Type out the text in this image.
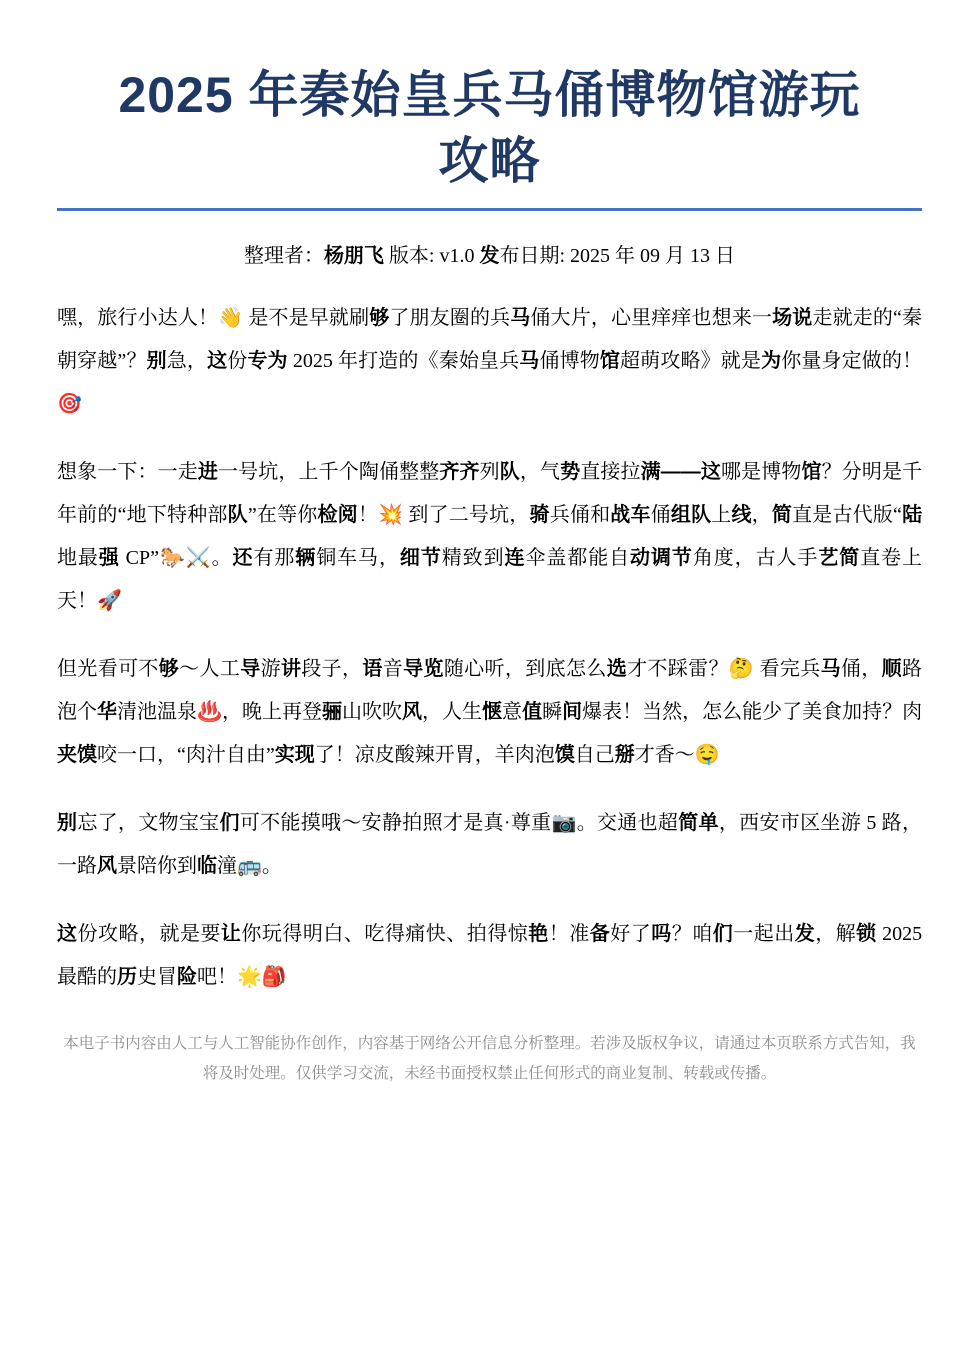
2025 年秦始皇兵马俑博物馆游玩
攻略

整理者：杨朋飞 版本: v1.0 发布日期: 2025 年 09 月 13 日

嘿，旅行小达人！👋 是不是早就刷够了朋友圈的兵马俑大片，心里痒痒也想来一场说走就走的“秦朝穿越”？别急，这份专为 2025 年打造的《秦始皇兵马俑博物馆超萌攻略》就是为你量身定做的！🎯

想象一下：一走进一号坑，上千个陶俑整整齐齐列队，气势直接拉满——这哪是博物馆？分明是千年前的“地下特种部队”在等你检阅！💥 到了二号坑，骑兵俑和战车俑组队上线，简直是古代版“陆地最强 CP”🐎⚔️。还有那辆铜车马，细节精致到连伞盖都能自动调节角度，古人手艺简直卷上天！🚀

但光看可不够～人工导游讲段子，语音导览随心听，到底怎么选才不踩雷？🤔 看完兵马俑，顺路泡个华清池温泉♨️，晚上再登骊山吹吹风，人生惬意值瞬间爆表！当然，怎么能少了美食加持？肉夹馍咬一口，“肉汁自由”实现了！凉皮酸辣开胃，羊肉泡馍自己掰才香～🤤

别忘了，文物宝宝们可不能摸哦～安静拍照才是真·尊重📷。交通也超简单，西安市区坐游 5 路，一路风景陪你到临潼🚌。

这份攻略，就是要让你玩得明白、吃得痛快、拍得惊艳！准备好了吗？咱们一起出发，解锁 2025 最酷的历史冒险吧！🌟🎒

本电子书内容由人工与人工智能协作创作，内容基于网络公开信息分析整理。若涉及版权争议，请通过本页联系方式告知，我将及时处理。仅供学习交流，未经书面授权禁止任何形式的商业复制、转载或传播。
